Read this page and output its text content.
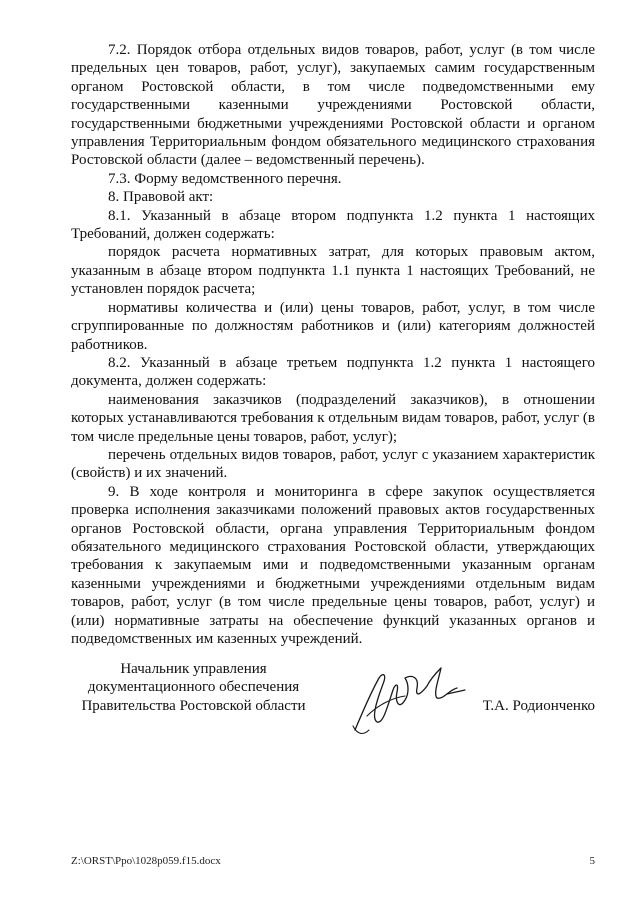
7.2. Порядок отбора отдельных видов товаров, работ, услуг (в том числе предельных цен товаров, работ, услуг), закупаемых самим государственным органом Ростовской области, в том числе подведомственными ему государственными казенными учреждениями Ростовской области, государственными бюджетными учреждениями Ростовской области и органом управления Территориальным фондом обязательного медицинского страхования Ростовской области (далее – ведомственный перечень).

7.3. Форму ведомственного перечня.

8. Правовой акт:

8.1. Указанный в абзаце втором подпункта 1.2 пункта 1 настоящих Требований, должен содержать:

порядок расчета нормативных затрат, для которых правовым актом, указанным в абзаце втором подпункта 1.1 пункта 1 настоящих Требований, не установлен порядок расчета;

нормативы количества и (или) цены товаров, работ, услуг, в том числе сгруппированные по должностям работников и (или) категориям должностей работников.

8.2. Указанный в абзаце третьем подпункта 1.2 пункта 1 настоящего документа, должен содержать:

наименования заказчиков (подразделений заказчиков), в отношении которых устанавливаются требования к отдельным видам товаров, работ, услуг (в том числе предельные цены товаров, работ, услуг);

перечень отдельных видов товаров, работ, услуг с указанием характеристик (свойств) и их значений.

9. В ходе контроля и мониторинга в сфере закупок осуществляется проверка исполнения заказчиками положений правовых актов государственных органов Ростовской области, органа управления Территориальным фондом обязательного медицинского страхования Ростовской области, утверждающих требования к закупаемым ими и подведомственными указанным органам казенными учреждениями и бюджетными учреждениями отдельным видам товаров, работ, услуг (в том числе предельные цены товаров, работ, услуг) и (или) нормативные затраты на обеспечение функций указанных органов и подведомственных им казенных учреждений.

Начальник управления
документационного обеспечения
Правительства Ростовской области	Т.А. Родионченко
Z:\ORST\Ppo\1028p059.f15.docx	5
